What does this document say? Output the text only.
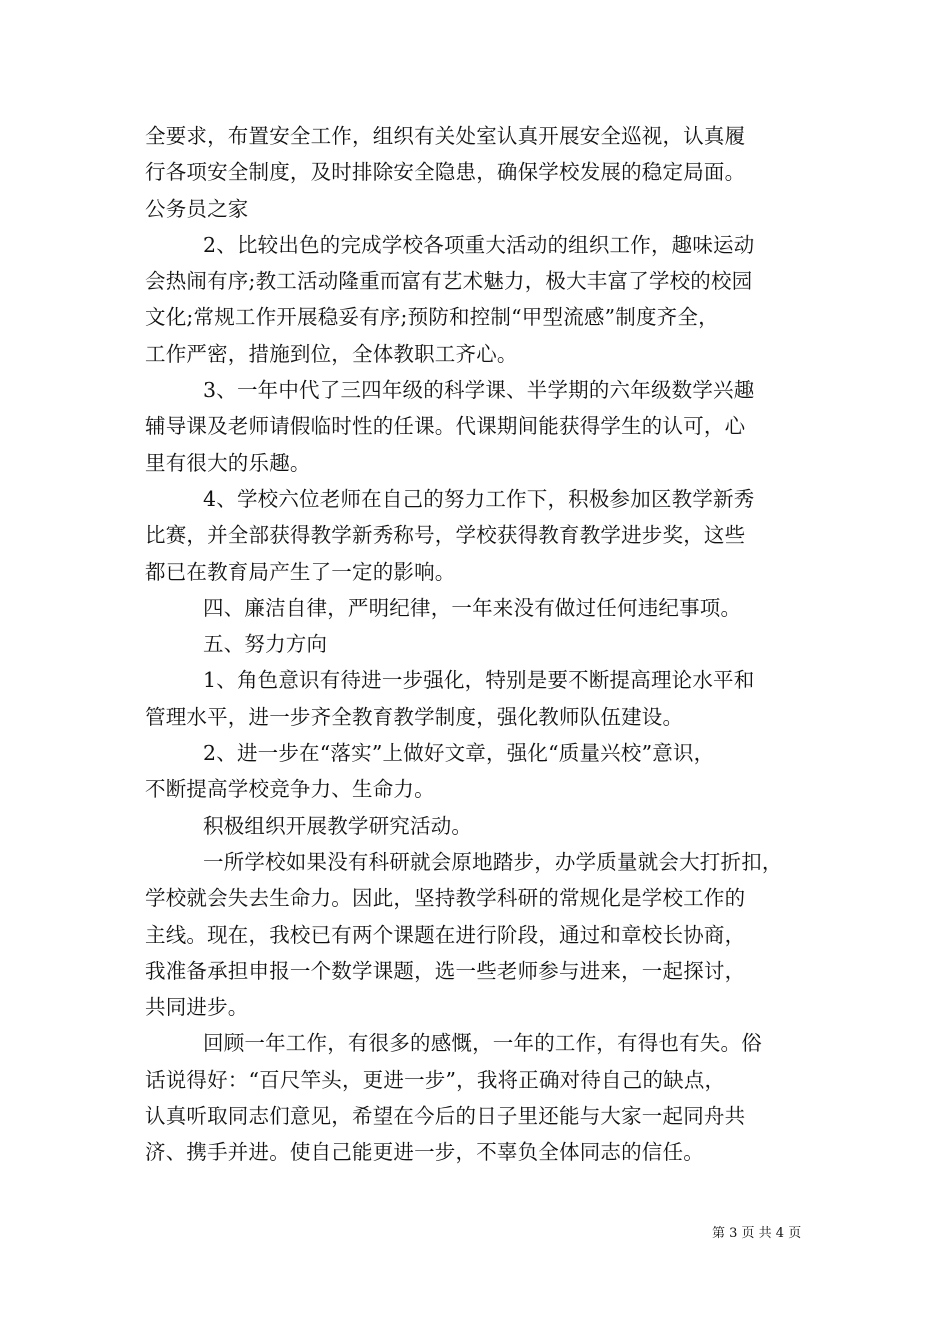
全要求，布置安全工作，组织有关处室认真开展安全巡视，认真履
行各项安全制度，及时排除安全隐患，确保学校发展的稳定局面。
公务员之家
2、比较出色的完成学校各项重大活动的组织工作，趣味运动
会热闹有序;教工活动隆重而富有艺术魅力，极大丰富了学校的校园
文化;常规工作开展稳妥有序;预防和控制“甲型流感”制度齐全，
工作严密，措施到位，全体教职工齐心。
3、一年中代了三四年级的科学课、半学期的六年级数学兴趣
辅导课及老师请假临时性的任课。代课期间能获得学生的认可，心
里有很大的乐趣。
4、学校六位老师在自己的努力工作下，积极参加区教学新秀
比赛，并全部获得教学新秀称号，学校获得教育教学进步奖，这些
都已在教育局产生了一定的影响。
四、廉洁自律，严明纪律，一年来没有做过任何违纪事项。
五、努力方向
1、角色意识有待进一步强化，特别是要不断提高理论水平和
管理水平，进一步齐全教育教学制度，强化教师队伍建设。
2、进一步在“落实”上做好文章，强化“质量兴校”意识，
不断提高学校竞争力、生命力。
积极组织开展教学研究活动。
一所学校如果没有科研就会原地踏步，办学质量就会大打折扣，
学校就会失去生命力。因此，坚持教学科研的常规化是学校工作的
主线。现在，我校已有两个课题在进行阶段，通过和章校长协商，
我准备承担申报一个数学课题，选一些老师参与进来，一起探讨，
共同进步。
回顾一年工作，有很多的感慨，一年的工作，有得也有失。俗
话说得好：“百尺竿头，更进一步”，我将正确对待自己的缺点，
认真听取同志们意见，希望在今后的日子里还能与大家一起同舟共
济、携手并进。使自己能更进一步，不辜负全体同志的信任。
第 3 页 共 4 页
